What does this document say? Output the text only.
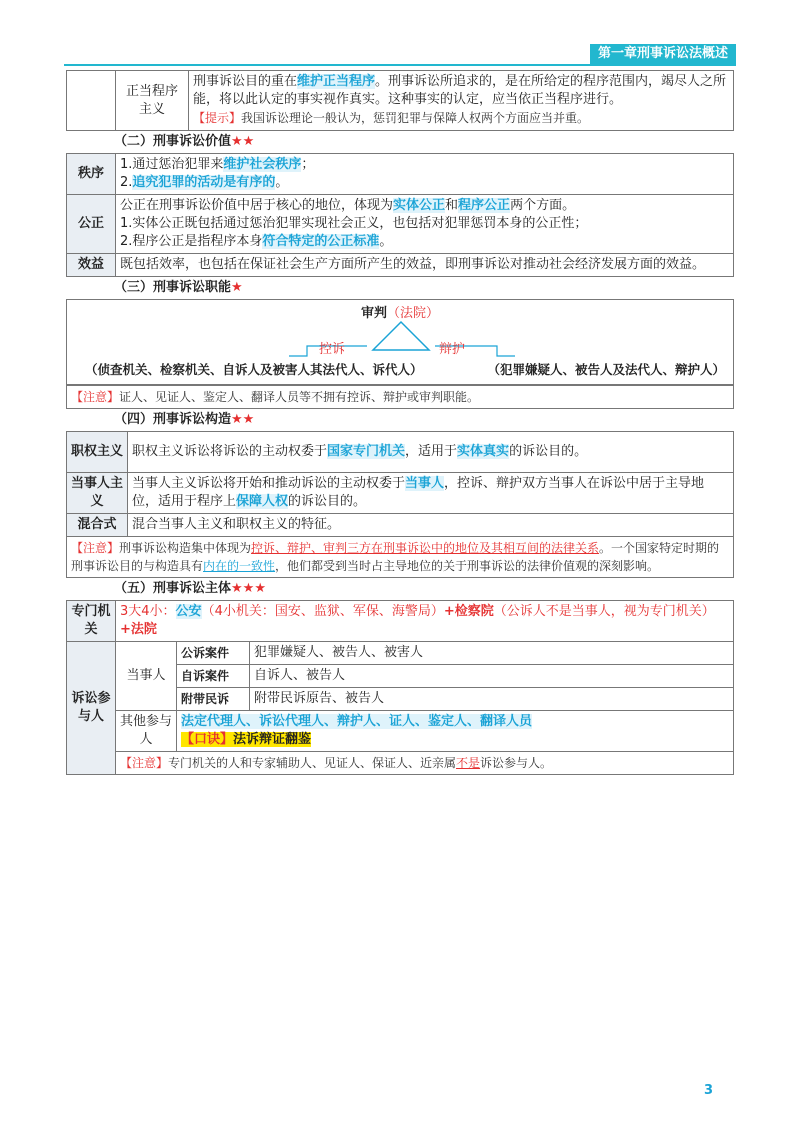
第一章刑事诉讼法概述
	正当程序主义	刑事诉讼目的重在维护正当程序。刑事诉讼所追求的，是在所给定的程序范围内，竭尽人之所能，将以此认定的事实视作真实。这种事实的认定，应当依正当程序进行。
【提示】我国诉讼理论一般认为，惩罚犯罪与保障人权两个方面应当并重。
（二）刑事诉讼价值★★
秩序	1.通过惩治犯罪来维护社会秩序；
2.追究犯罪的活动是有序的。
公正	公正在刑事诉讼价值中居于核心的地位，体现为实体公正和程序公正两个方面。
1.实体公正既包括通过惩治犯罪实现社会正义，也包括对犯罪惩罚本身的公正性；
2.程序公正是指程序本身符合特定的公正标准。
效益	既包括效率，也包括在保证社会生产方面所产生的效益，即刑事诉讼对推动社会经济发展方面的效益。
（三）刑事诉讼职能★
审判（法院）
控诉	辩护
（侦查机关、检察机关、自诉人及被害人其法代人、诉代人）	（犯罪嫌疑人、被告人及法代人、辩护人）
【注意】证人、见证人、鉴定人、翻译人员等不拥有控诉、辩护或审判职能。
（四）刑事诉讼构造★★
职权主义	职权主义诉讼将诉讼的主动权委于国家专门机关，适用于实体真实的诉讼目的。
当事人主义	当事人主义诉讼将开始和推动诉讼的主动权委于当事人，控诉、辩护双方当事人在诉讼中居于主导地位，适用于程序上保障人权的诉讼目的。
混合式	混合当事人主义和职权主义的特征。
【注意】刑事诉讼构造集中体现为控诉、辩护、审判三方在刑事诉讼中的地位及其相互间的法律关系。一个国家特定时期的刑事诉讼目的与构造具有内在的一致性，他们都受到当时占主导地位的关于刑事诉讼的法律价值观的深刻影响。	
（五）刑事诉讼主体★★★
专门机关	3大4小：公安（4小机关：国安、监狱、军保、海警局）+检察院（公诉人不是当事人，视为专门机关）+法院		
诉讼参与人	当事人	公诉案件	犯罪嫌疑人、被告人、被害人
		自诉案件	自诉人、被告人
		附带民诉	附带民诉原告、被告人
	其他参与人	法定代理人、诉讼代理人、辩护人、证人、鉴定人、翻译人员
【口诀】法诉辩证翻鉴	
	【注意】专门机关的人和专家辅助人、见证人、保证人、近亲属不是诉讼参与人。		
3
